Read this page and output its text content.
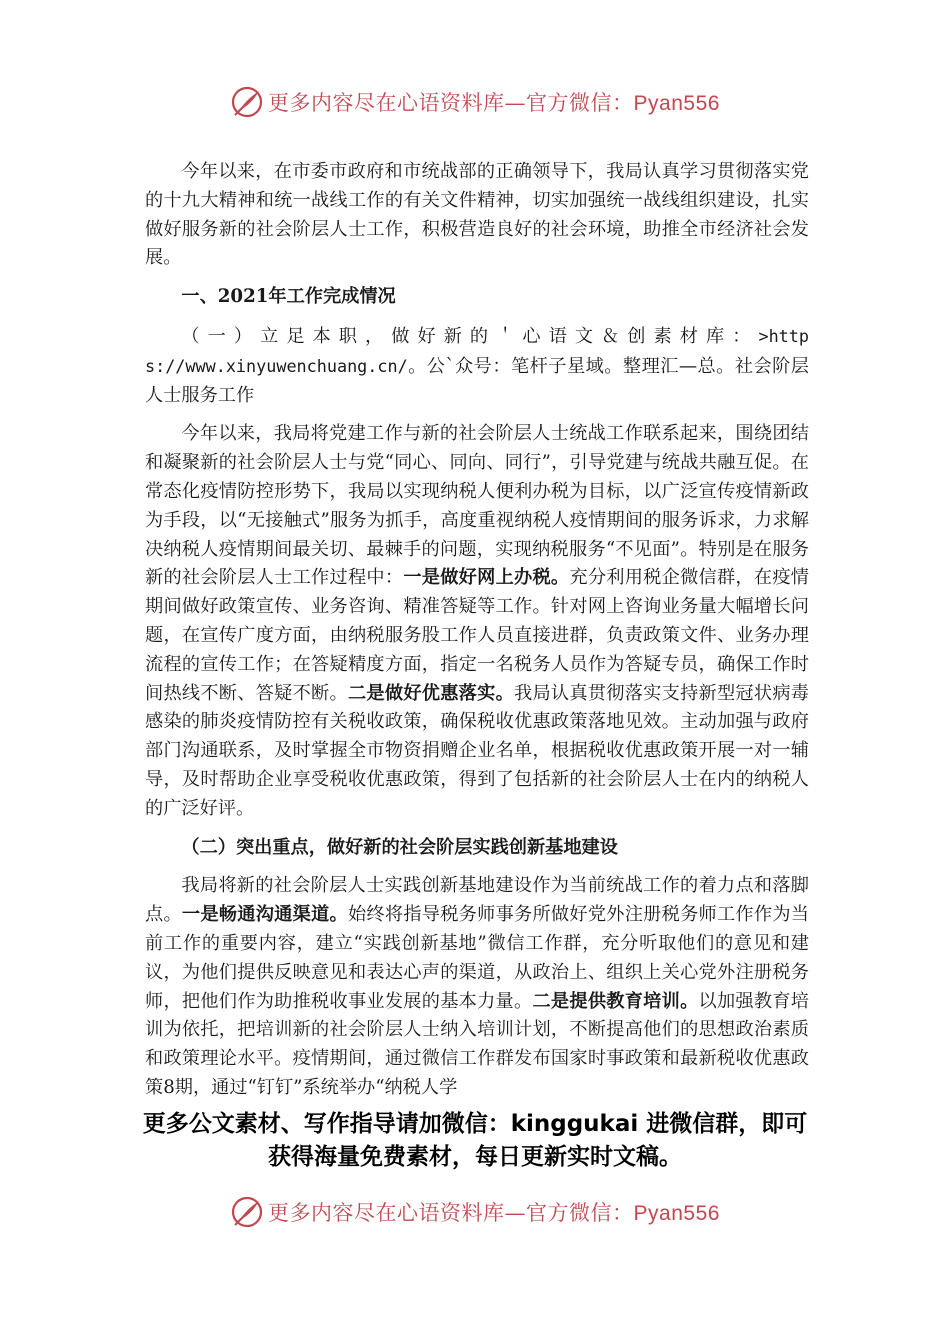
更多内容尽在心语资料库—官方微信：Pyan556

今年以来，在市委市政府和市统战部的正确领导下，我局认真学习贯彻落实党的十九大精神和统一战线工作的有关文件精神，切实加强统一战线组织建设，扎实做好服务新的社会阶层人士工作，积极营造良好的社会环境，助推全市经济社会发展。

一、2021年工作完成情况

（一）立足本职，做好新的＇心语文＆创素材库：>https://www.xinyuwenchuang.cn/。公`众号：笔杆子星域。整理汇—总。社会阶层人士服务工作

今年以来，我局将党建工作与新的社会阶层人士统战工作联系起来，围绕团结和凝聚新的社会阶层人士与党“同心、同向、同行”，引导党建与统战共融互促。在常态化疫情防控形势下，我局以实现纳税人便利办税为目标，以广泛宣传疫情新政为手段，以“无接触式”服务为抓手，高度重视纳税人疫情期间的服务诉求，力求解决纳税人疫情期间最关切、最棘手的问题，实现纳税服务“不见面”。特别是在服务新的社会阶层人士工作过程中：一是做好网上办税。充分利用税企微信群，在疫情期间做好政策宣传、业务咨询、精准答疑等工作。针对网上咨询业务量大幅增长问题，在宣传广度方面，由纳税服务股工作人员直接进群，负责政策文件、业务办理流程的宣传工作；在答疑精度方面，指定一名税务人员作为答疑专员，确保工作时间热线不断、答疑不断。二是做好优惠落实。我局认真贯彻落实支持新型冠状病毒感染的肺炎疫情防控有关税收政策，确保税收优惠政策落地见效。主动加强与政府部门沟通联系，及时掌握全市物资捐赠企业名单，根据税收优惠政策开展一对一辅导，及时帮助企业享受税收优惠政策，得到了包括新的社会阶层人士在内的纳税人的广泛好评。

（二）突出重点，做好新的社会阶层实践创新基地建设

我局将新的社会阶层人士实践创新基地建设作为当前统战工作的着力点和落脚点。一是畅通沟通渠道。始终将指导税务师事务所做好党外注册税务师工作作为当前工作的重要内容，建立“实践创新基地”微信工作群，充分听取他们的意见和建议，为他们提供反映意见和表达心声的渠道，从政治上、组织上关心党外注册税务师，把他们作为助推税收事业发展的基本力量。二是提供教育培训。以加强教育培训为依托，把培训新的社会阶层人士纳入培训计划，不断提高他们的思想政治素质和政策理论水平。疫情期间，通过微信工作群发布国家时事政策和最新税收优惠政策8期，通过“钉钉”系统举办“纳税人学

更多公文素材、写作指导请加微信：kinggukai 进微信群，即可
获得海量免费素材，每日更新实时文稿。
更多内容尽在心语资料库—官方微信：Pyan556
